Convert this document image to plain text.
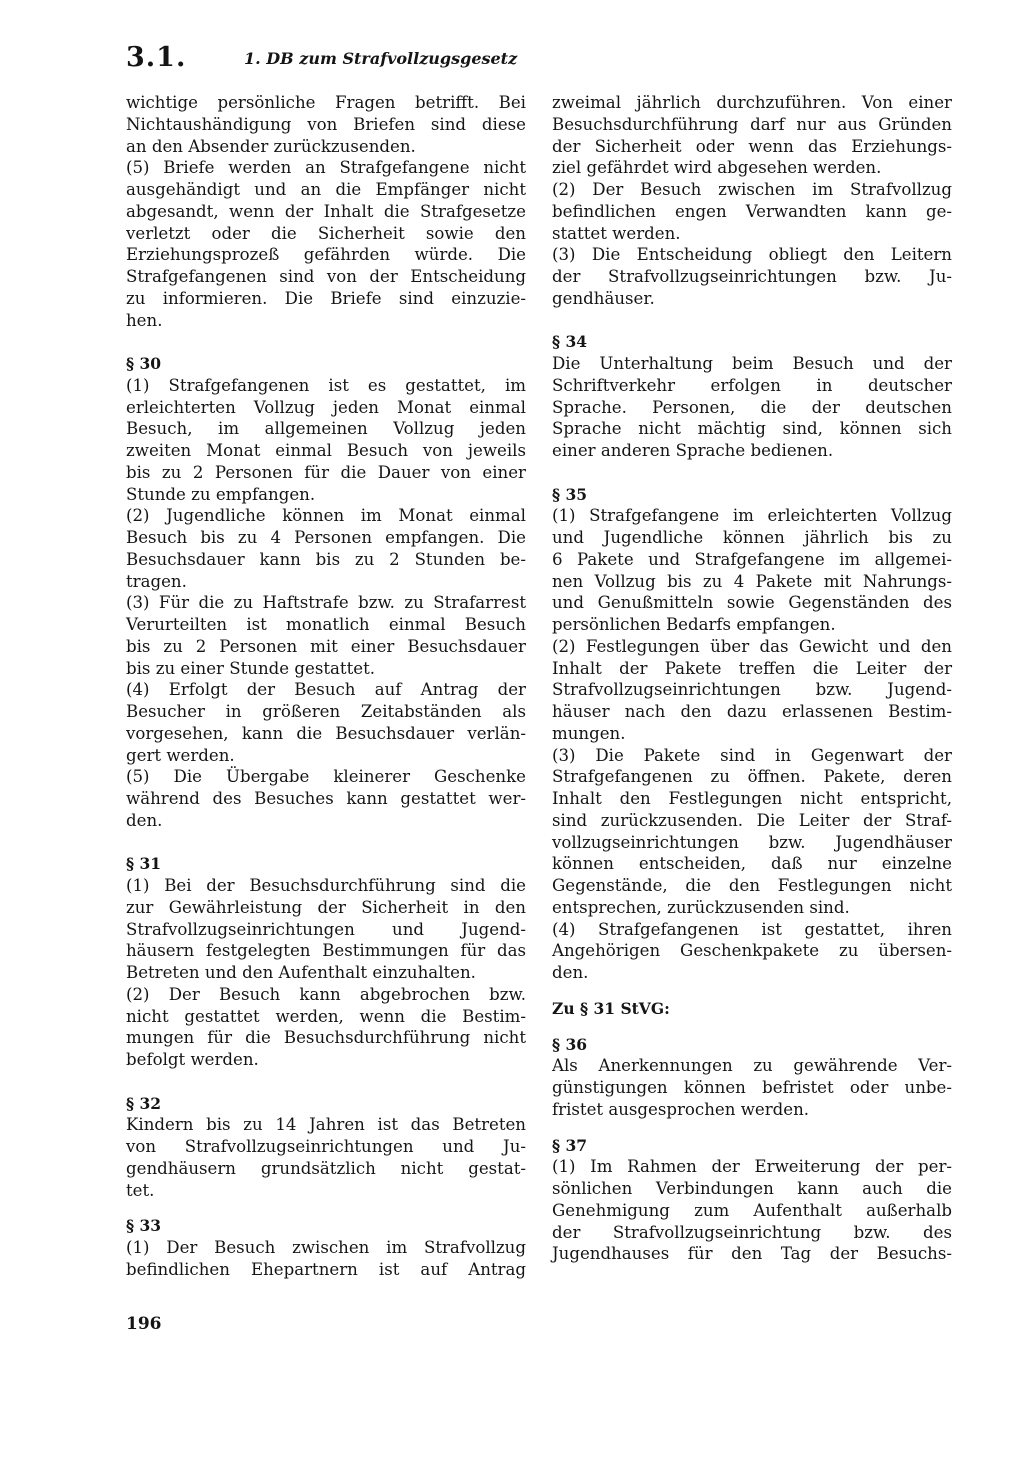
3.1.	1. DB zum Strafvollzugsgesetz
wichtige persönliche Fragen betrifft. Bei
Nichtaushändigung von Briefen sind diese
an den Absender zurückzusenden.
(5) Briefe werden an Strafgefangene nicht
ausgehändigt und an die Empfänger nicht
abgesandt, wenn der Inhalt die Strafgesetze
verletzt oder die Sicherheit sowie den
Erziehungsprozeß gefährden würde. Die
Strafgefangenen sind von der Entscheidung
zu informieren. Die Briefe sind einzuzie-
hen.
§ 30
(1) Strafgefangenen ist es gestattet, im
erleichterten Vollzug jeden Monat einmal
Besuch, im allgemeinen Vollzug jeden
zweiten Monat einmal Besuch von jeweils
bis zu 2 Personen für die Dauer von einer
Stunde zu empfangen.
(2) Jugendliche können im Monat einmal
Besuch bis zu 4 Personen empfangen. Die
Besuchsdauer kann bis zu 2 Stunden be-
tragen.
(3) Für die zu Haftstrafe bzw. zu Strafarrest
Verurteilten ist monatlich einmal Besuch
bis zu 2 Personen mit einer Besuchsdauer
bis zu einer Stunde gestattet.
(4) Erfolgt der Besuch auf Antrag der
Besucher in größeren Zeitabständen als
vorgesehen, kann die Besuchsdauer verlän-
gert werden.
(5) Die Übergabe kleinerer Geschenke
während des Besuches kann gestattet wer-
den.
§ 31
(1) Bei der Besuchsdurchführung sind die
zur Gewährleistung der Sicherheit in den
Strafvollzugseinrichtungen und Jugend-
häusern festgelegten Bestimmungen für das
Betreten und den Aufenthalt einzuhalten.
(2) Der Besuch kann abgebrochen bzw.
nicht gestattet werden, wenn die Bestim-
mungen für die Besuchsdurchführung nicht
befolgt werden.
§ 32
Kindern bis zu 14 Jahren ist das Betreten
von Strafvollzugseinrichtungen und Ju-
gendhäusern grundsätzlich nicht gestat-
tet.
§ 33
(1) Der Besuch zwischen im Strafvollzug
befindlichen Ehepartnern ist auf Antrag
zweimal jährlich durchzuführen. Von einer
Besuchsdurchführung darf nur aus Gründen
der Sicherheit oder wenn das Erziehungs-
ziel gefährdet wird abgesehen werden.
(2) Der Besuch zwischen im Strafvollzug
befindlichen engen Verwandten kann ge-
stattet werden.
(3) Die Entscheidung obliegt den Leitern
der Strafvollzugseinrichtungen bzw. Ju-
gendhäuser.
§ 34
Die Unterhaltung beim Besuch und der
Schriftverkehr erfolgen in deutscher
Sprache. Personen, die der deutschen
Sprache nicht mächtig sind, können sich
einer anderen Sprache bedienen.
§ 35
(1) Strafgefangene im erleichterten Vollzug
und Jugendliche können jährlich bis zu
6 Pakete und Strafgefangene im allgemei-
nen Vollzug bis zu 4 Pakete mit Nahrungs-
und Genußmitteln sowie Gegenständen des
persönlichen Bedarfs empfangen.
(2) Festlegungen über das Gewicht und den
Inhalt der Pakete treffen die Leiter der
Strafvollzugseinrichtungen bzw. Jugend-
häuser nach den dazu erlassenen Bestim-
mungen.
(3) Die Pakete sind in Gegenwart der
Strafgefangenen zu öffnen. Pakete, deren
Inhalt den Festlegungen nicht entspricht,
sind zurückzusenden. Die Leiter der Straf-
vollzugseinrichtungen bzw. Jugendhäuser
können entscheiden, daß nur einzelne
Gegenstände, die den Festlegungen nicht
entsprechen, zurückzusenden sind.
(4) Strafgefangenen ist gestattet, ihren
Angehörigen Geschenkpakete zu übersen-
den.
Zu § 31 StVG:
§ 36
Als Anerkennungen zu gewährende Ver-
günstigungen können befristet oder unbe-
fristet ausgesprochen werden.
§ 37
(1) Im Rahmen der Erweiterung der per-
sönlichen Verbindungen kann auch die
Genehmigung zum Aufenthalt außerhalb
der Strafvollzugseinrichtung bzw. des
Jugendhauses für den Tag der Besuchs-
196
